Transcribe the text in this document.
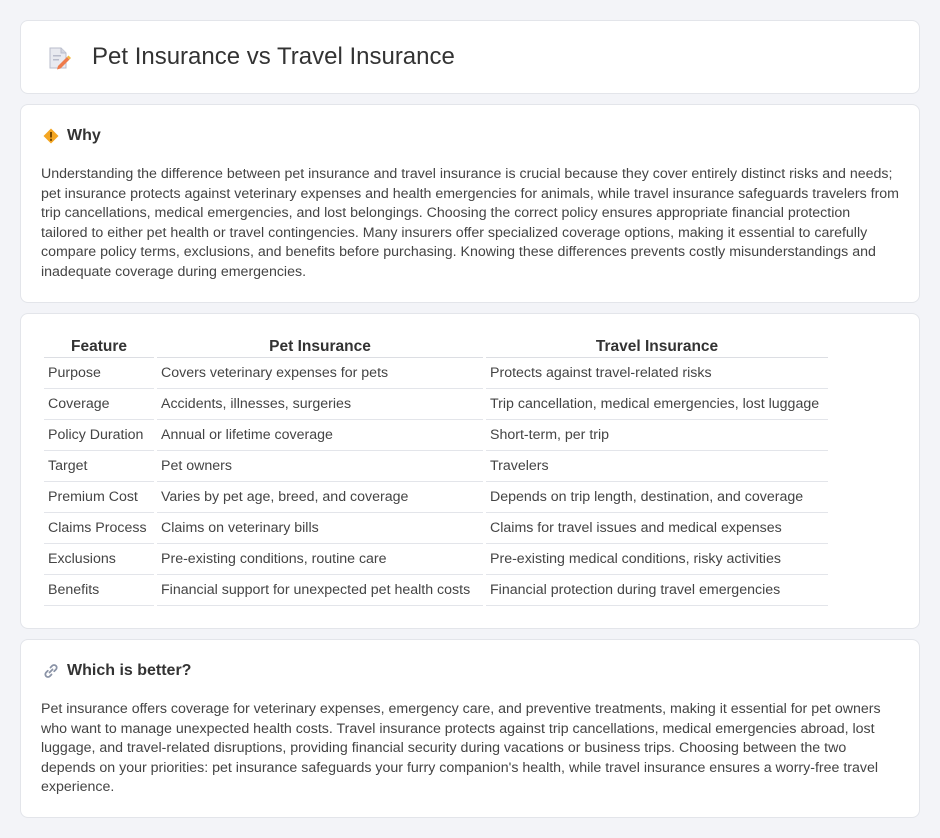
Pet Insurance vs Travel Insurance
Why

Understanding the difference between pet insurance and travel insurance is crucial because they cover entirely distinct risks and needs; pet insurance protects against veterinary expenses and health emergencies for animals, while travel insurance safeguards travelers from trip cancellations, medical emergencies, and lost belongings. Choosing the correct policy ensures appropriate financial protection tailored to either pet health or travel contingencies. Many insurers offer specialized coverage options, making it essential to carefully compare policy terms, exclusions, and benefits before purchasing. Knowing these differences prevents costly misunderstandings and inadequate coverage during emergencies.

Feature	Pet Insurance	Travel Insurance
Purpose	Covers veterinary expenses for pets	Protects against travel-related risks
Coverage	Accidents, illnesses, surgeries	Trip cancellation, medical emergencies, lost luggage
Policy Duration	Annual or lifetime coverage	Short-term, per trip
Target	Pet owners	Travelers
Premium Cost	Varies by pet age, breed, and coverage	Depends on trip length, destination, and coverage
Claims Process	Claims on veterinary bills	Claims for travel issues and medical expenses
Exclusions	Pre-existing conditions, routine care	Pre-existing medical conditions, risky activities
Benefits	Financial support for unexpected pet health costs	Financial protection during travel emergencies
Which is better?

Pet insurance offers coverage for veterinary expenses, emergency care, and preventive treatments, making it essential for pet owners who want to manage unexpected health costs. Travel insurance protects against trip cancellations, medical emergencies abroad, lost luggage, and travel-related disruptions, providing financial security during vacations or business trips. Choosing between the two depends on your priorities: pet insurance safeguards your furry companion's health, while travel insurance ensures a worry-free travel experience.
